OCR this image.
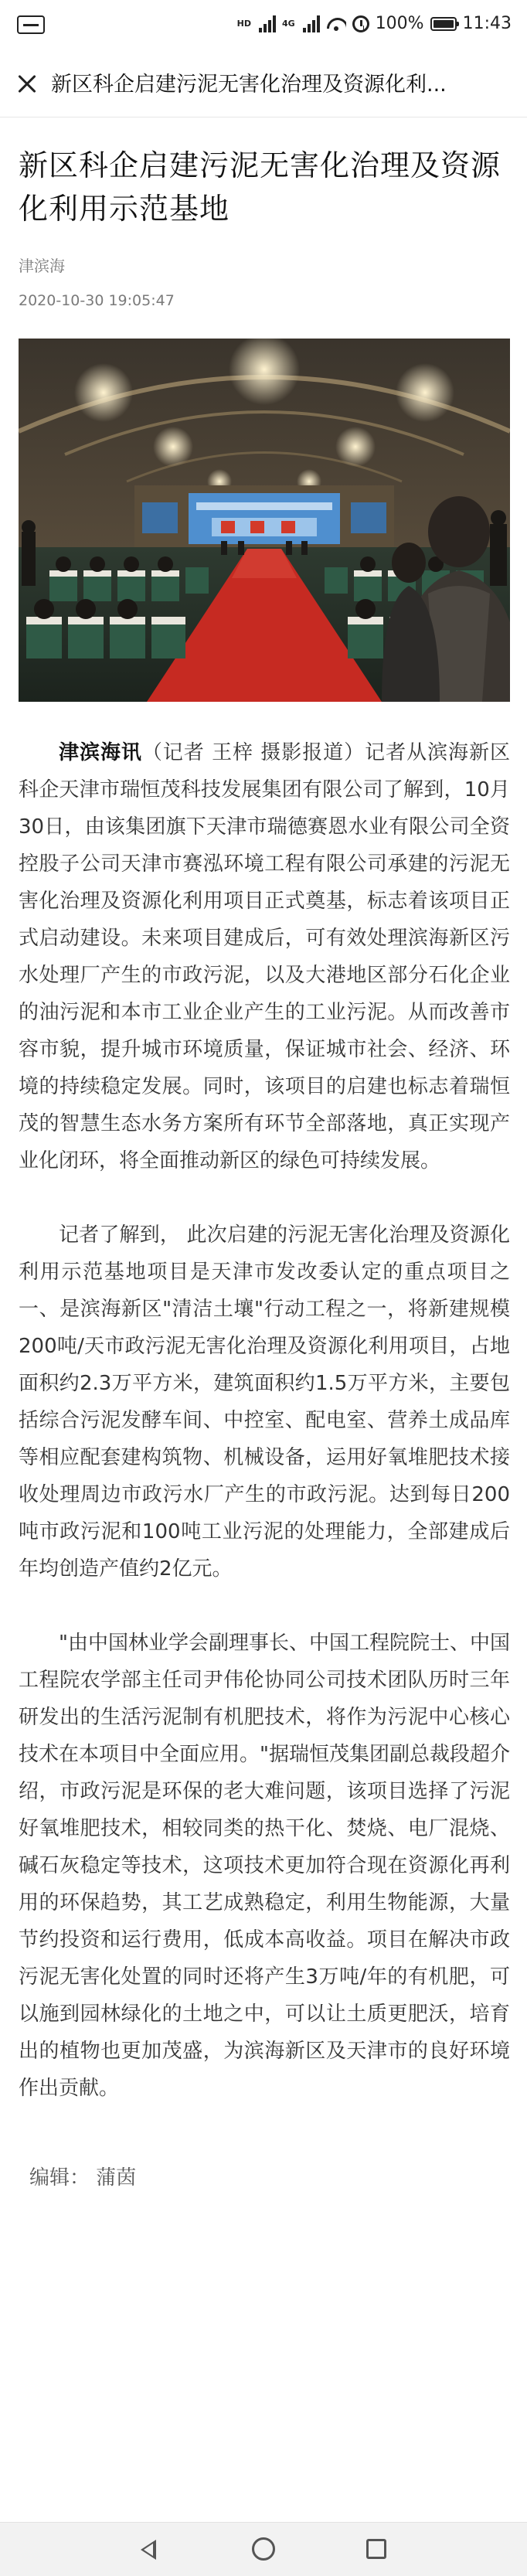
HD	4G	100% 11:43
新区科企启建污泥无害化治理及资源化利...
新区科企启建污泥无害化治理及资源化利用示范基地
津滨海
2020-10-30 19:05:47

津滨海讯（记者 王梓 摄影报道）记者从滨海新区科企天津市瑞恒茂科技发展集团有限公司了解到，10月30日，由该集团旗下天津市瑞德赛恩水业有限公司全资控股子公司天津市赛泓环境工程有限公司承建的污泥无害化治理及资源化利用项目正式奠基，标志着该项目正式启动建设。未来项目建成后，可有效处理滨海新区污水处理厂产生的市政污泥，以及大港地区部分石化企业的油污泥和本市工业企业产生的工业污泥。从而改善市容市貌，提升城市环境质量，保证城市社会、经济、环境的持续稳定发展。同时，该项目的启建也标志着瑞恒茂的智慧生态水务方案所有环节全部落地，真正实现产业化闭环，将全面推动新区的绿色可持续发展。

记者了解到， 此次启建的污泥无害化治理及资源化利用示范基地项目是天津市发改委认定的重点项目之一、是滨海新区"清洁土壤"行动工程之一，将新建规模200吨/天市政污泥无害化治理及资源化利用项目，占地面积约2.3万平方米，建筑面积约1.5万平方米，主要包括综合污泥发酵车间、中控室、配电室、营养土成品库等相应配套建构筑物、机械设备，运用好氧堆肥技术接收处理周边市政污水厂产生的市政污泥。达到每日200吨市政污泥和100吨工业污泥的处理能力，全部建成后年均创造产值约2亿元。

"由中国林业学会副理事长、中国工程院院士、中国工程院农学部主任司尹伟伦协同公司技术团队历时三年研发出的生活污泥制有机肥技术，将作为污泥中心核心技术在本项目中全面应用。"据瑞恒茂集团副总裁段超介绍，市政污泥是环保的老大难问题，该项目选择了污泥好氧堆肥技术，相较同类的热干化、焚烧、电厂混烧、碱石灰稳定等技术，这项技术更加符合现在资源化再利用的环保趋势，其工艺成熟稳定，利用生物能源，大量节约投资和运行费用，低成本高收益。项目在解决市政污泥无害化处置的同时还将产生3万吨/年的有机肥，可以施到园林绿化的土地之中，可以让土质更肥沃，培育出的植物也更加茂盛，为滨海新区及天津市的良好环境作出贡献。

编辑： 蒲茵
